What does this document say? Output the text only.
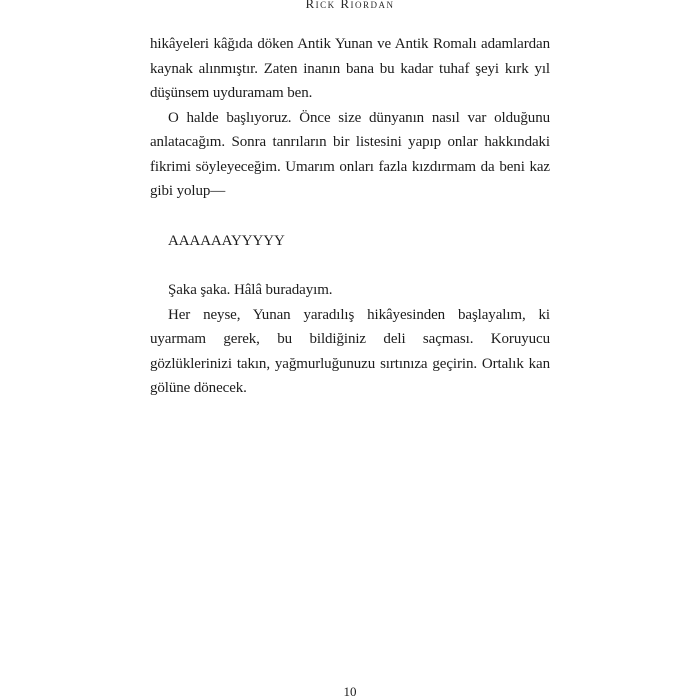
Rick Riordan

hikâyeleri kâğıda döken Antik Yunan ve Antik Romalı adamlardan kaynak alınmıştır. Zaten inanın bana bu kadar tuhaf şeyi kırk yıl düşünsem uyduramam ben.

O halde başlıyoruz. Önce size dünyanın nasıl var olduğunu anlatacağım. Sonra tanrıların bir listesini yapıp onlar hakkındaki fikrimi söyleyeceğim. Umarım onları fazla kızdırmam da beni kaz gibi yolup—

AAAAAAYYYYY

Şaka şaka. Hâlâ buradayım.

Her neyse, Yunan yaradılış hikâyesinden başlayalım, ki uyarmam gerek, bu bildiğiniz deli saçması. Koruyucu gözlüklerinizi takın, yağmurluğunuzu sırtınıza geçirin. Ortalık kan gölüne dönecek.

10
